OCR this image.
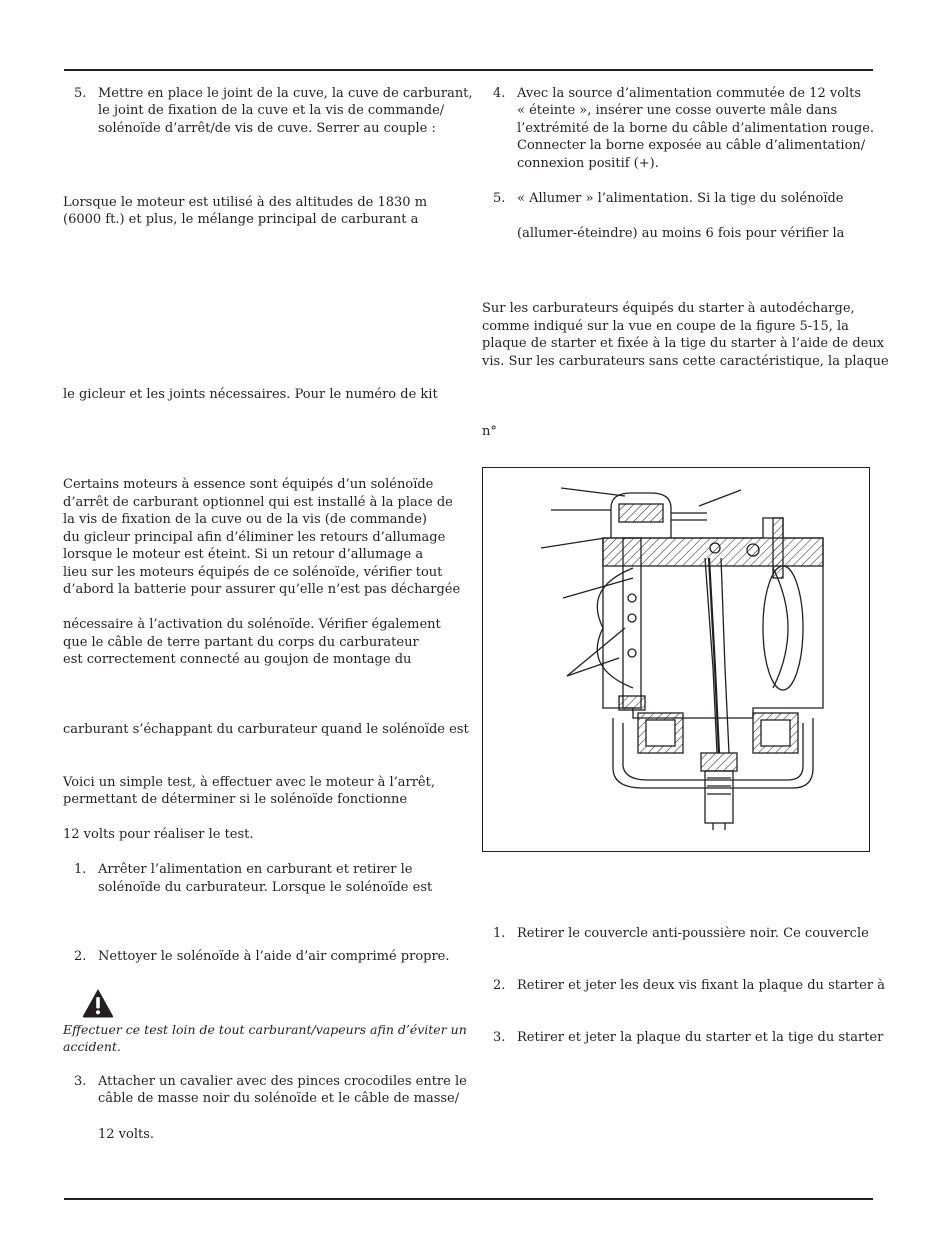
5. Mettre en place le joint de la cuve, la cuve de carburant,
le joint de fixation de la cuve et la vis de commande/
solénoïde d’arrêt/de vis de cuve. Serrer au couple :
Lorsque le moteur est utilisé à des altitudes de 1830 m
(6000 ft.) et plus, le mélange principal de carburant a
le gicleur et les joints nécessaires. Pour le numéro de kit
Certains moteurs à essence sont équipés d’un solénoïde
d’arrêt de carburant optionnel qui est installé à la place de
la vis de fixation de la cuve ou de la vis (de commande)
du gicleur principal afin d’éliminer les retours d’allumage
lorsque le moteur est éteint. Si un retour d’allumage a
lieu sur les moteurs équipés de ce solénoïde, vérifier tout
d’abord la batterie pour assurer qu’elle n’est pas déchargée
nécessaire à l’activation du solénoïde. Vérifier également
que le câble de terre partant du corps du carburateur
est correctement connecté au goujon de montage du
carburant s’échappant du carburateur quand le solénoïde est
Voici un simple test, à effectuer avec le moteur à l’arrêt,
permettant de déterminer si le solénoïde fonctionne
12 volts pour réaliser le test.
1. Arrêter l’alimentation en carburant et retirer le
solénoïde du carburateur. Lorsque le solénoïde est
2. Nettoyer le solénoïde à l’aide d’air comprimé propre.
Effectuer ce test loin de tout carburant/vapeurs afin d’éviter un
accident.
3. Attacher un cavalier avec des pinces crocodiles entre le
câble de masse noir du solénoïde et le câble de masse/
12 volts.
4. Avec la source d’alimentation commutée de 12 volts
« éteinte », insérer une cosse ouverte mâle dans
l’extrémité de la borne du câble d’alimentation rouge.
Connecter la borne exposée au câble d’alimentation/
connexion positif (+).
5. « Allumer » l’alimentation. Si la tige du solénoïde
(allumer-éteindre) au moins 6 fois pour vérifier la
Sur les carburateurs équipés du starter à autodécharge,
comme indiqué sur la vue en coupe de la figure 5-15, la
plaque de starter et fixée à la tige du starter à l’aide de deux
vis. Sur les carburateurs sans cette caractéristique, la plaque
n°
1. Retirer le couvercle anti-poussière noir. Ce couvercle
2. Retirer et jeter les deux vis fixant la plaque du starter à
3. Retirer et jeter la plaque du starter et la tige du starter
